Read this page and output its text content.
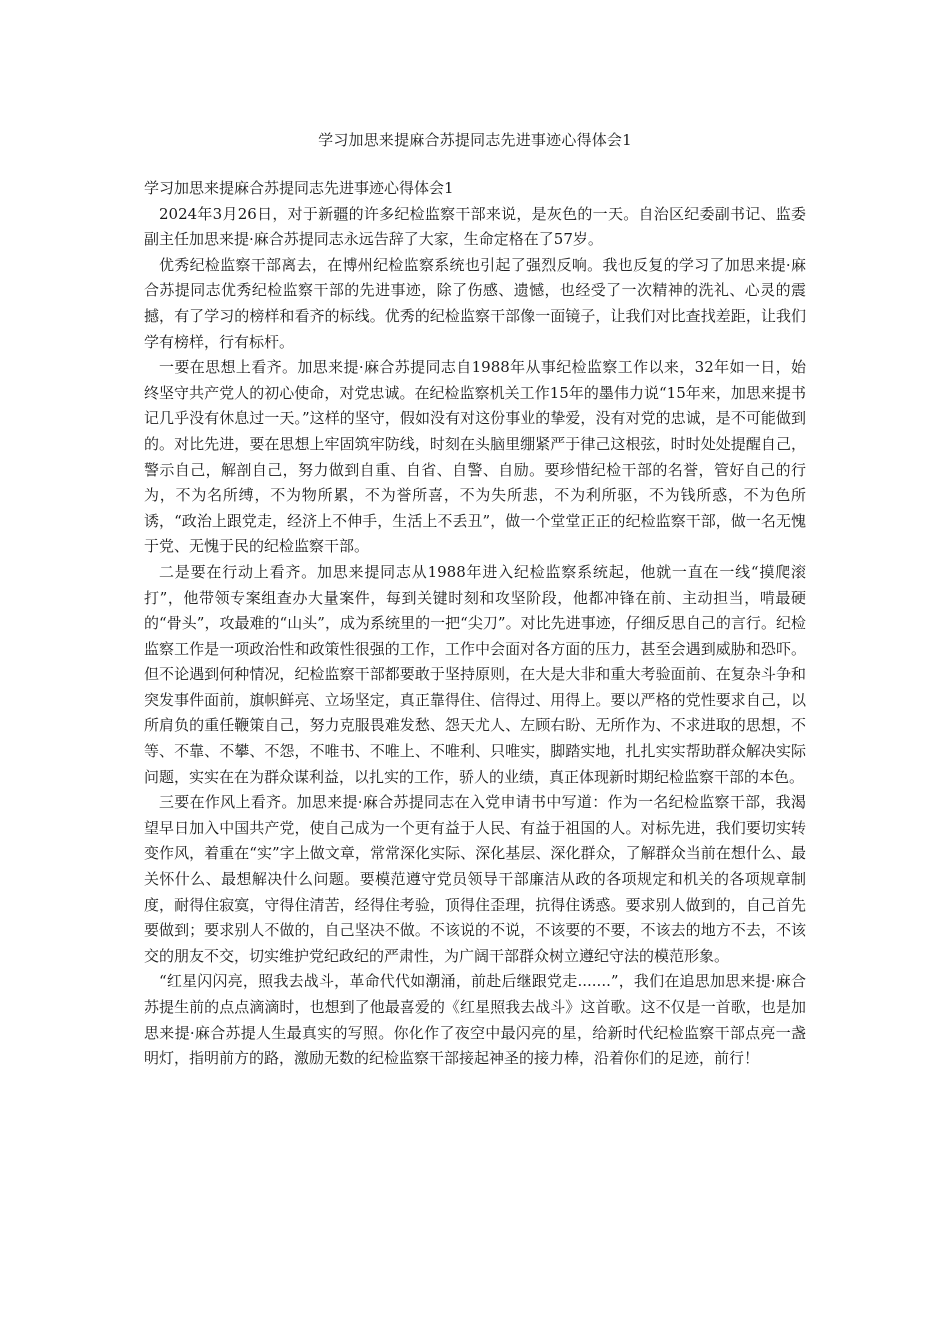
学习加思来提麻合苏提同志先进事迹心得体会1

学习加思来提麻合苏提同志先进事迹心得体会1

2024年3月26日，对于新疆的许多纪检监察干部来说，是灰色的一天。自治区纪委副书记、监委副主任加思来提·麻合苏提同志永远告辞了大家，生命定格在了57岁。

优秀纪检监察干部离去，在博州纪检监察系统也引起了强烈反响。我也反复的学习了加思来提·麻合苏提同志优秀纪检监察干部的先进事迹，除了伤感、遗憾，也经受了一次精神的洗礼、心灵的震撼，有了学习的榜样和看齐的标线。优秀的纪检监察干部像一面镜子，让我们对比查找差距，让我们学有榜样，行有标杆。

一要在思想上看齐。加思来提·麻合苏提同志自1988年从事纪检监察工作以来，32年如一日，始终坚守共产党人的初心使命，对党忠诚。在纪检监察机关工作15年的墨伟力说“15年来，加思来提书记几乎没有休息过一天。”这样的坚守，假如没有对这份事业的挚爱，没有对党的忠诚，是不可能做到的。对比先进，要在思想上牢固筑牢防线，时刻在头脑里绷紧严于律己这根弦，时时处处提醒自己，警示自己，解剖自己，努力做到自重、自省、自警、自励。要珍惜纪检干部的名誉，管好自己的行为，不为名所缚，不为物所累，不为誉所喜，不为失所悲，不为利所驱，不为钱所惑，不为色所诱，“政治上跟党走，经济上不伸手，生活上不丢丑”，做一个堂堂正正的纪检监察干部，做一名无愧于党、无愧于民的纪检监察干部。

二是要在行动上看齐。加思来提同志从1988年进入纪检监察系统起，他就一直在一线“摸爬滚打”，他带领专案组查办大量案件，每到关键时刻和攻坚阶段，他都冲锋在前、主动担当，啃最硬的“骨头”，攻最难的“山头”，成为系统里的一把“尖刀”。对比先进事迹，仔细反思自己的言行。纪检监察工作是一项政治性和政策性很强的工作，工作中会面对各方面的压力，甚至会遇到威胁和恐吓。但不论遇到何种情况，纪检监察干部都要敢于坚持原则，在大是大非和重大考验面前、在复杂斗争和突发事件面前，旗帜鲜亮、立场坚定，真正靠得住、信得过、用得上。要以严格的党性要求自己，以所肩负的重任鞭策自己，努力克服畏难发愁、怨天尤人、左顾右盼、无所作为、不求进取的思想，不等、不靠、不攀、不怨，不唯书、不唯上、不唯利、只唯实，脚踏实地，扎扎实实帮助群众解决实际问题，实实在在为群众谋利益，以扎实的工作，骄人的业绩，真正体现新时期纪检监察干部的本色。

三要在作风上看齐。加思来提·麻合苏提同志在入党申请书中写道：作为一名纪检监察干部，我渴望早日加入中国共产党，使自己成为一个更有益于人民、有益于祖国的人。对标先进，我们要切实转变作风，着重在“实”字上做文章，常常深化实际、深化基层、深化群众，了解群众当前在想什么、最关怀什么、最想解决什么问题。要模范遵守党员领导干部廉洁从政的各项规定和机关的各项规章制度，耐得住寂寞，守得住清苦，经得住考验，顶得住歪理，抗得住诱惑。要求别人做到的，自己首先要做到；要求别人不做的，自己坚决不做。不该说的不说，不该要的不要，不该去的地方不去，不该交的朋友不交，切实维护党纪政纪的严肃性，为广阔干部群众树立遵纪守法的模范形象。

“红星闪闪亮，照我去战斗，革命代代如潮涌，前赴后继跟党走.......”，我们在追思加思来提·麻合苏提生前的点点滴滴时，也想到了他最喜爱的《红星照我去战斗》这首歌。这不仅是一首歌，也是加思来提·麻合苏提人生最真实的写照。你化作了夜空中最闪亮的星，给新时代纪检监察干部点亮一盏明灯，指明前方的路，激励无数的纪检监察干部接起神圣的接力棒，沿着你们的足迹，前行！
